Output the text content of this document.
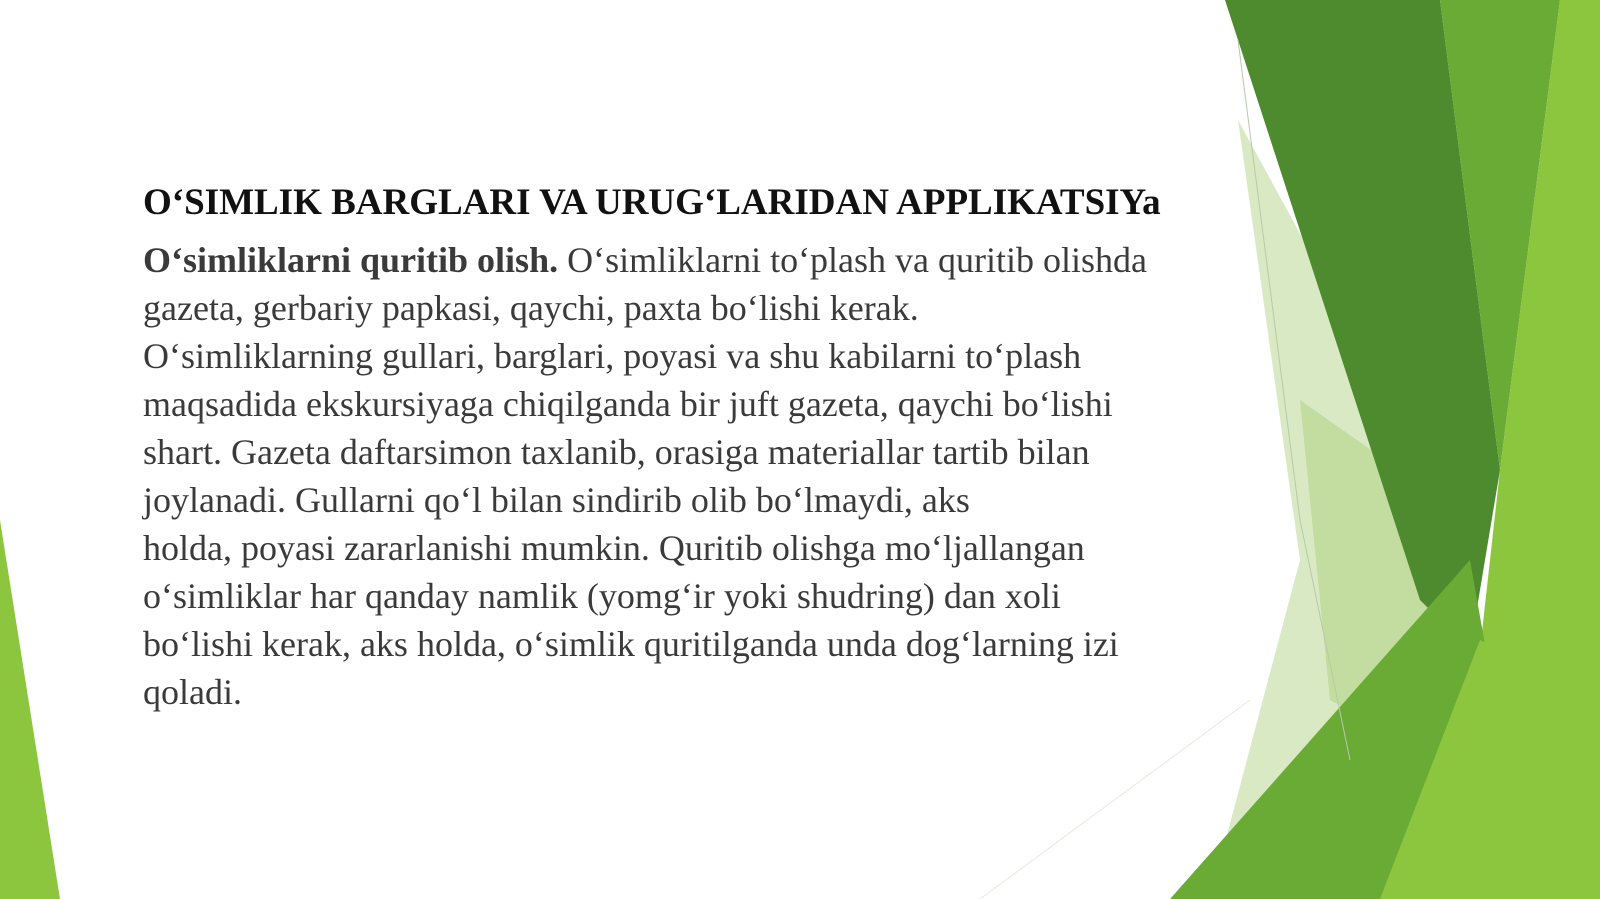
O‘SIMLIK BARGLARI VA URUG‘LARIDAN APPLIKATSIYa
O‘simliklarni quritib olish. O‘simliklarni to‘plash va quritib olishda
gazeta, gerbariy papkasi, qaychi, paxta bo‘lishi kerak.
O‘simliklarning gullari, barglari, poyasi va shu kabilarni to‘plash
maqsadida ekskursiyaga chiqilganda bir juft gazeta, qaychi bo‘lishi
shart. Gazeta daftarsimon taxlanib, orasiga materiallar tartib bilan
joylanadi. Gullarni qo‘l bilan sindirib olib bo‘lmaydi, aks
holda, poyasi zararlanishi mumkin. Quritib olishga mo‘ljallangan
o‘simliklar har qanday namlik (yomg‘ir yoki shudring) dan xoli
bo‘lishi kerak, aks holda, o‘simlik quritilganda unda dog‘larning izi
qoladi.
